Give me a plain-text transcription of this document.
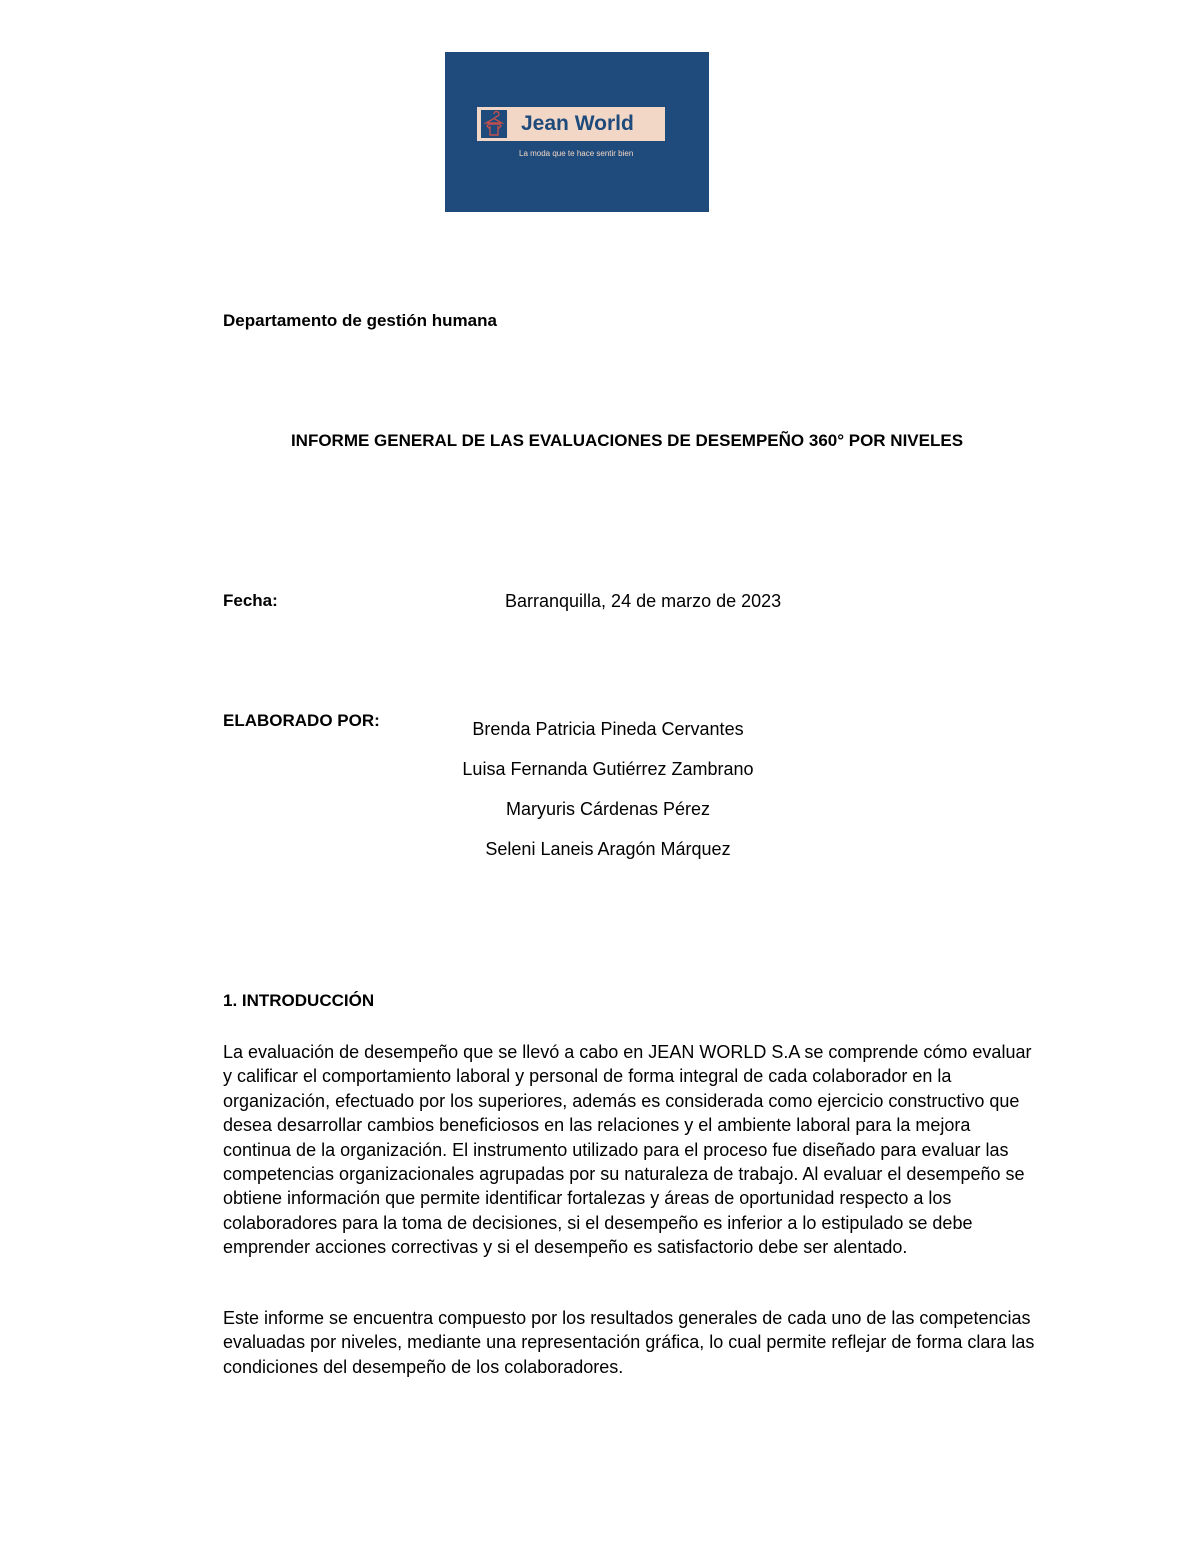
Jean World
La moda que te hace sentir bien
Departamento de gestión humana
INFORME GENERAL DE LAS EVALUACIONES DE DESEMPEÑO 360° POR NIVELES
Fecha:	Barranquilla, 24 de marzo de 2023
ELABORADO POR:	Brenda Patricia Pineda Cervantes
Luisa Fernanda Gutiérrez Zambrano
Maryuris Cárdenas Pérez
Seleni Laneis Aragón Márquez
1. INTRODUCCIÓN

La evaluación de desempeño que se llevó a cabo en JEAN WORLD S.A se comprende cómo evaluar y calificar el comportamiento laboral y personal de forma integral de cada colaborador en la organización, efectuado por los superiores, además es considerada como ejercicio constructivo que desea desarrollar cambios beneficiosos en las relaciones y el ambiente laboral para la mejora continua de la organización. El instrumento utilizado para el proceso fue diseñado para evaluar las competencias organizacionales agrupadas por su naturaleza de trabajo. Al evaluar el desempeño se obtiene información que permite identificar fortalezas y áreas de oportunidad respecto a los colaboradores para la toma de decisiones, si el desempeño es inferior a lo estipulado se debe emprender acciones correctivas y si el desempeño es satisfactorio debe ser alentado.

Este informe se encuentra compuesto por los resultados generales de cada uno de las competencias evaluadas por niveles, mediante una representación gráfica, lo cual permite reflejar de forma clara las condiciones del desempeño de los colaboradores.
